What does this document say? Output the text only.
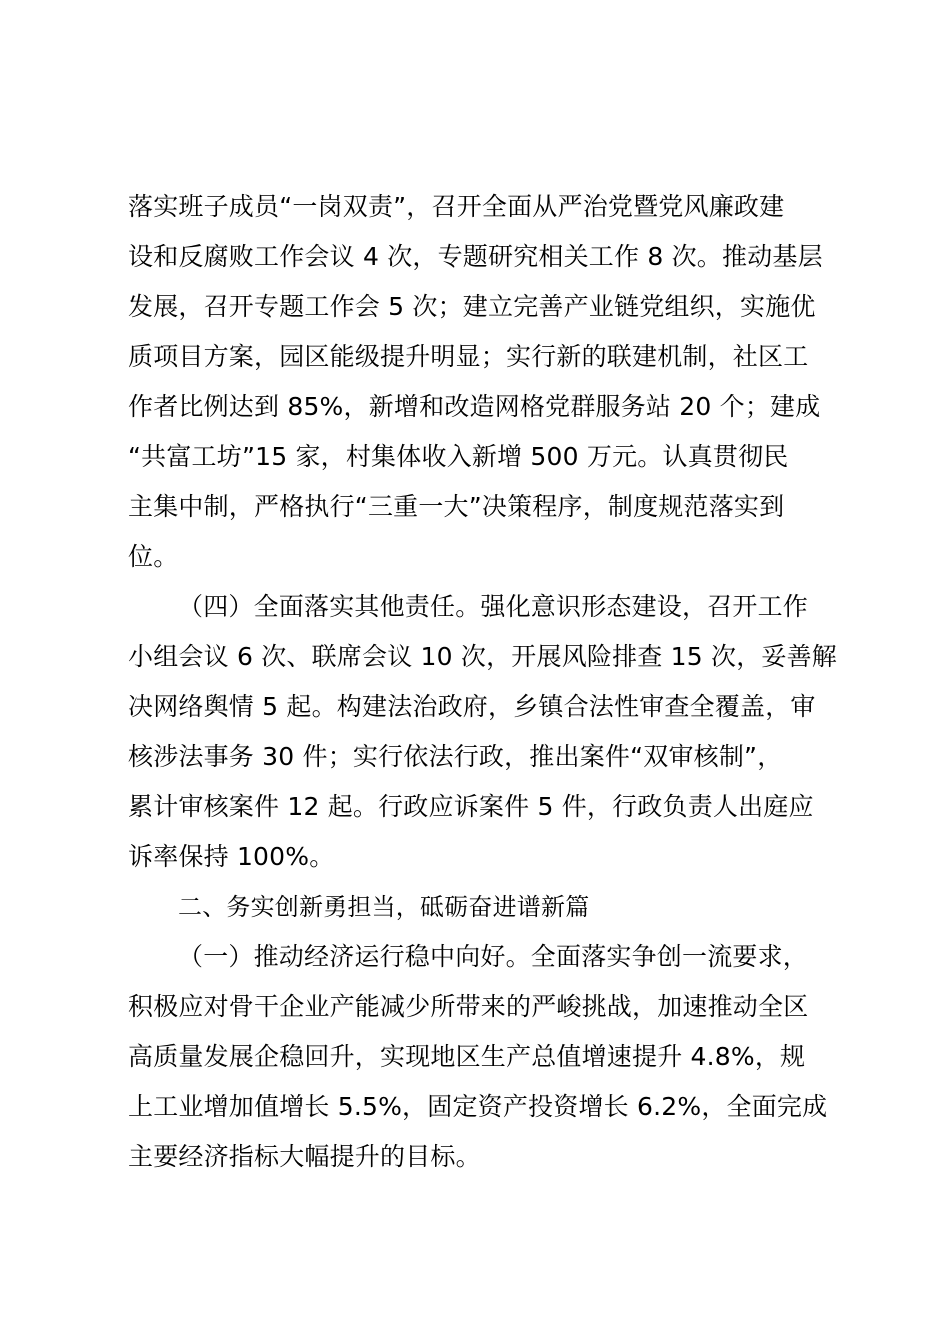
落实班子成员“一岗双责”，召开全面从严治党暨党风廉政建
设和反腐败工作会议 4 次，专题研究相关工作 8 次。推动基层
发展，召开专题工作会 5 次；建立完善产业链党组织，实施优
质项目方案，园区能级提升明显；实行新的联建机制，社区工
作者比例达到 85%，新增和改造网格党群服务站 20 个；建成
“共富工坊”15 家，村集体收入新增 500 万元。认真贯彻民
主集中制，严格执行“三重一大”决策程序，制度规范落实到
位。
（四）全面落实其他责任。强化意识形态建设，召开工作
小组会议 6 次、联席会议 10 次，开展风险排查 15 次，妥善解
决网络舆情 5 起。构建法治政府，乡镇合法性审查全覆盖，审
核涉法事务 30 件；实行依法行政，推出案件“双审核制”，
累计审核案件 12 起。行政应诉案件 5 件，行政负责人出庭应
诉率保持 100%。
二、务实创新勇担当，砥砺奋进谱新篇
（一）推动经济运行稳中向好。全面落实争创一流要求，
积极应对骨干企业产能减少所带来的严峻挑战，加速推动全区
高质量发展企稳回升，实现地区生产总值增速提升 4.8%，规
上工业增加值增长 5.5%，固定资产投资增长 6.2%，全面完成
主要经济指标大幅提升的目标。
